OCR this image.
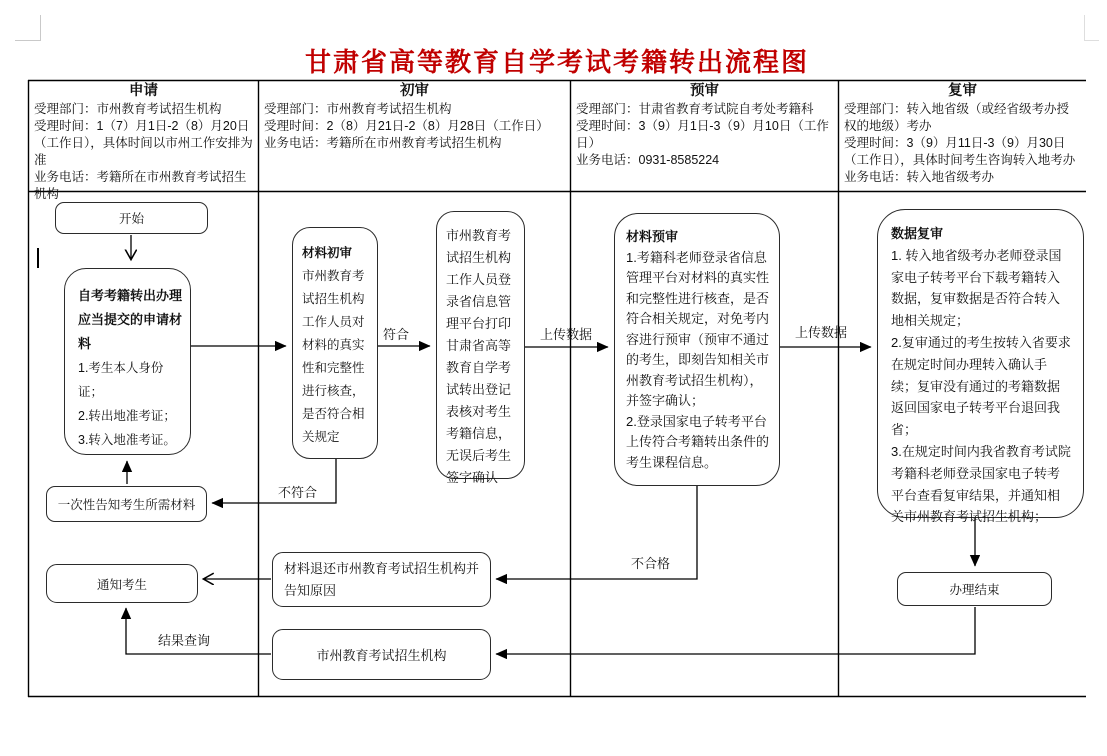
甘肃省高等教育自学考试考籍转出流程图
申请
受理部门：市州教育考试招生机构
受理时间：1（7）月1日-2（8）月20日（工作日），具体时间以市州工作安排为准
业务电话：考籍所在市州教育考试招生机构
初审
受理部门：市州教育考试招生机构
受理时间：2（8）月21日-2（8）月28日（工作日）
业务电话：考籍所在市州教育考试招生机构
预审
受理部门：甘肃省教育考试院自考处考籍科
受理时间：3（9）月1日-3（9）月10日（工作日）
业务电话：0931-8585224
复审
受理部门：转入地省级（或经省级考办授权的地级）考办
受理时间：3（9）月11日-3（9）月30日（工作日），具体时间考生咨询转入地考办
业务电话：转入地省级考办
开始
自考考籍转出办理应当提交的申请材料
1.考生本人身份证；
2.转出地准考证；
3.转入地准考证。
一次性告知考生所需材料
通知考生
材料初审
市州教育考试招生机构工作人员对材料的真实性和完整性进行核查，是否符合相关规定
市州教育考试招生机构工作人员登录省信息管理平台打印甘肃省高等教育自学考试转出登记表核对考生考籍信息，无误后考生签字确认
材料退还市州教育考试招生机构并告知原因
市州教育考试招生机构
材料预审
1.考籍科老师登录省信息管理平台对材料的真实性和完整性进行核查，是否符合相关规定，对免考内容进行预审（预审不通过的考生，即刻告知相关市州教育考试招生机构），并签字确认；
2.登录国家电子转考平台上传符合考籍转出条件的考生课程信息。
数据复审
1. 转入地省级考办老师登录国家电子转考平台下载考籍转入数据，复审数据是否符合转入地相关规定；
2.复审通过的考生按转入省要求在规定时间办理转入确认手续；复审没有通过的考籍数据返回国家电子转考平台退回我省；
3.在规定时间内我省教育考试院考籍科老师登录国家电子转考平台查看复审结果，并通知相关市州教育考试招生机构；
办理结束
符合
不符合
上传数据	上传数据
不合格
结果查询
